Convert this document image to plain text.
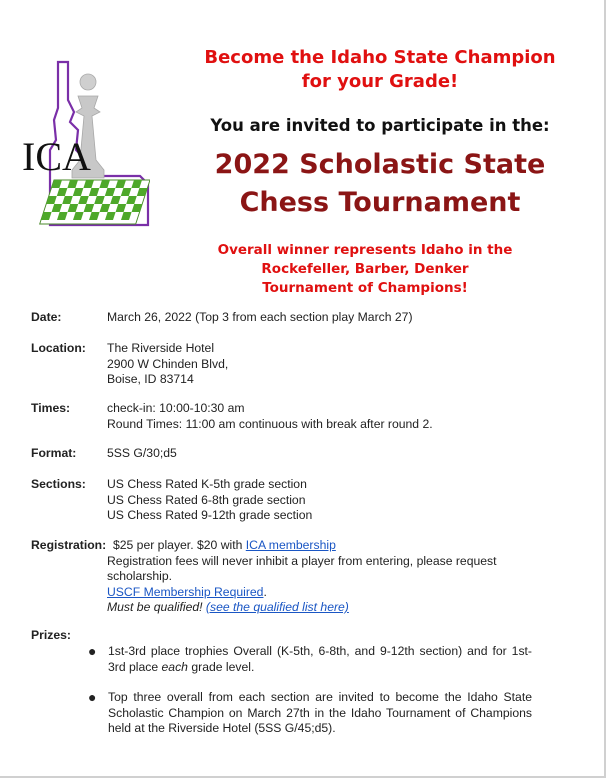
ICA
Become the Idaho State Champion
for your Grade!
You are invited to participate in the:
2022 Scholastic State
Chess Tournament
Overall winner represents Idaho in the
Rockefeller, Barber, Denker
Tournament of Champions!
Date:	March 26, 2022 (Top 3 from each section play March 27)
Location: The Riverside Hotel
2900 W Chinden Blvd,
Boise, ID 83714
Times:	check-in: 10:00-10:30 am
Round Times: 11:00 am continuous with break after round 2.
Format:	5SS G/30;d5
Sections: US Chess Rated K-5th grade section
US Chess Rated 6-8th grade section
US Chess Rated 9-12th grade section
Registration: $25 per player. $20 with ICA membership
Registration fees will never inhibit a player from entering, please request
scholarship.
USCF Membership Required.
Must be qualified! (see the qualified list here)
Prizes:
● 1st-3rd place trophies Overall (K-5th, 6-8th, and 9-12th section) and for 1st-3rd place each grade level.
● Top three overall from each section are invited to become the Idaho State Scholastic Champion on March 27th in the Idaho Tournament of Champions held at the Riverside Hotel (5SS G/45;d5).
